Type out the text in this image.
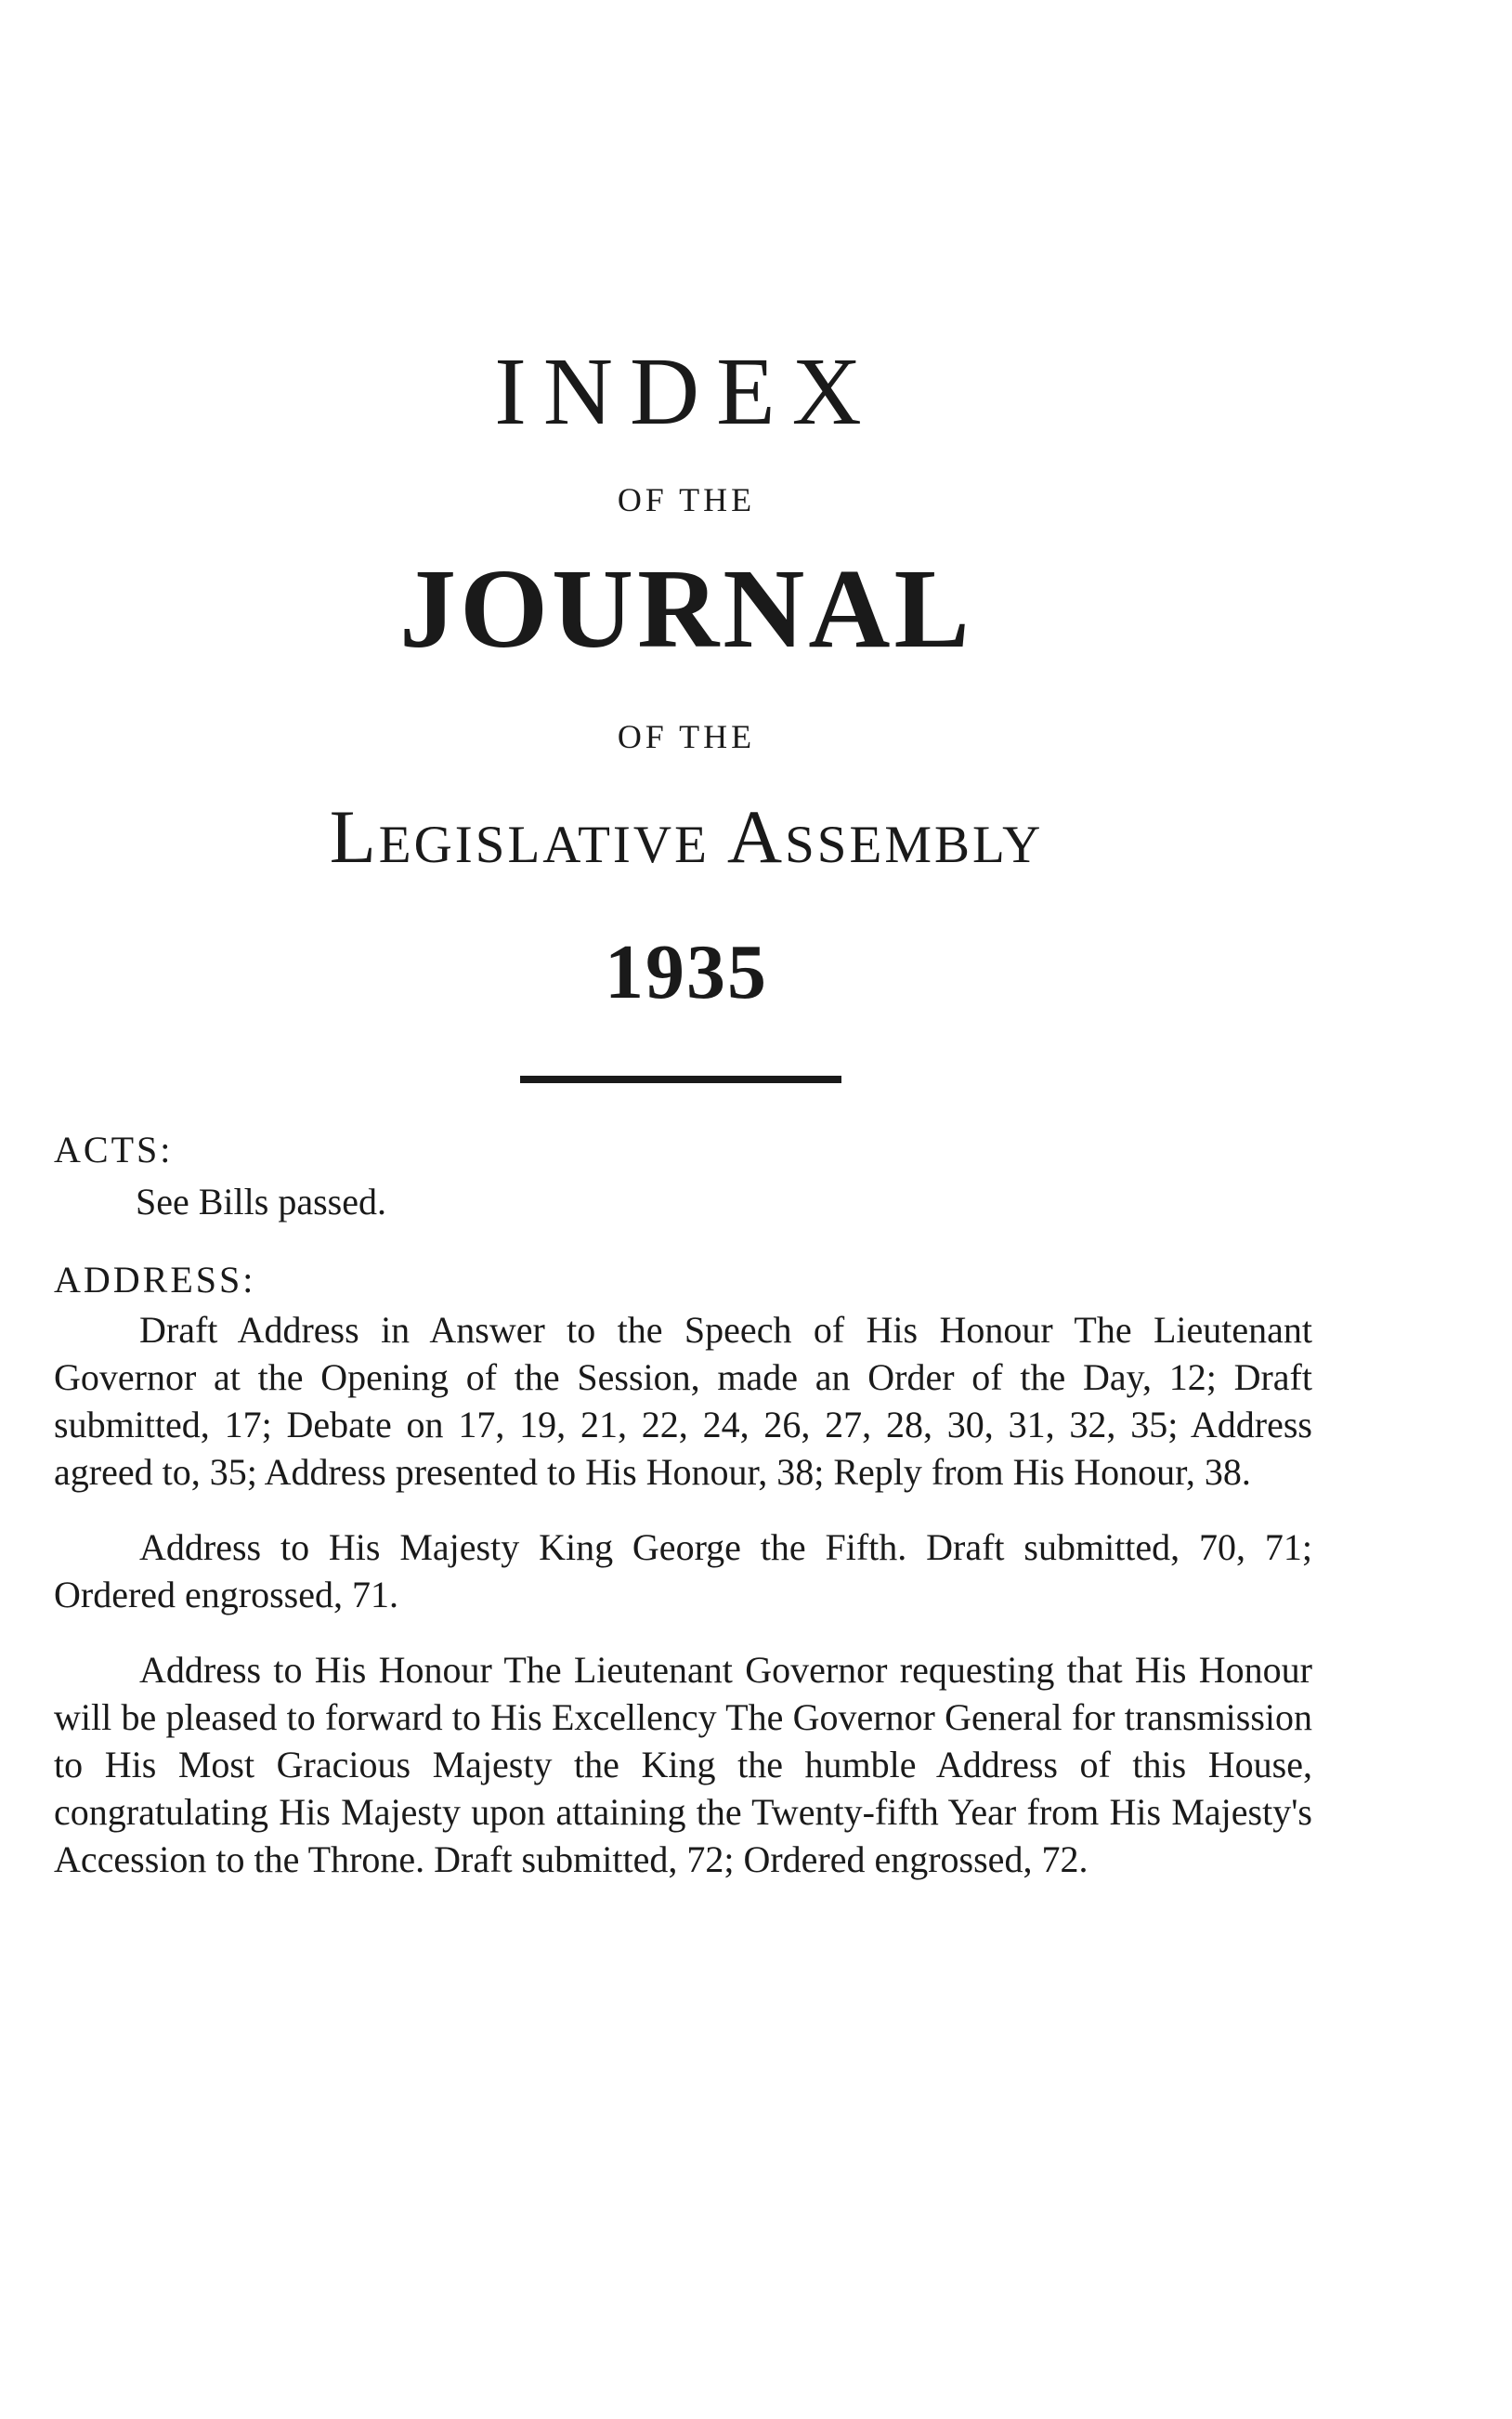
INDEX
OF THE
JOURNAL
OF THE
Legislative Assembly
1935

ACTS:

See Bills passed.

ADDRESS:

Draft Address in Answer to the Speech of His Honour The Lieutenant Governor at the Opening of the Session, made an Order of the Day, 12; Draft submitted, 17; Debate on 17, 19, 21, 22, 24, 26, 27, 28, 30, 31, 32, 35; Address agreed to, 35; Address presented to His Honour, 38; Reply from His Honour, 38.

Address to His Majesty King George the Fifth. Draft submitted, 70, 71; Ordered engrossed, 71.

Address to His Honour The Lieutenant Governor requesting that His Honour will be pleased to forward to His Excellency The Governor General for transmission to His Most Gracious Majesty the King the humble Address of this House, congratulating His Majesty upon attaining the Twenty-fifth Year from His Majesty's Accession to the Throne. Draft submitted, 72; Ordered engrossed, 72.
